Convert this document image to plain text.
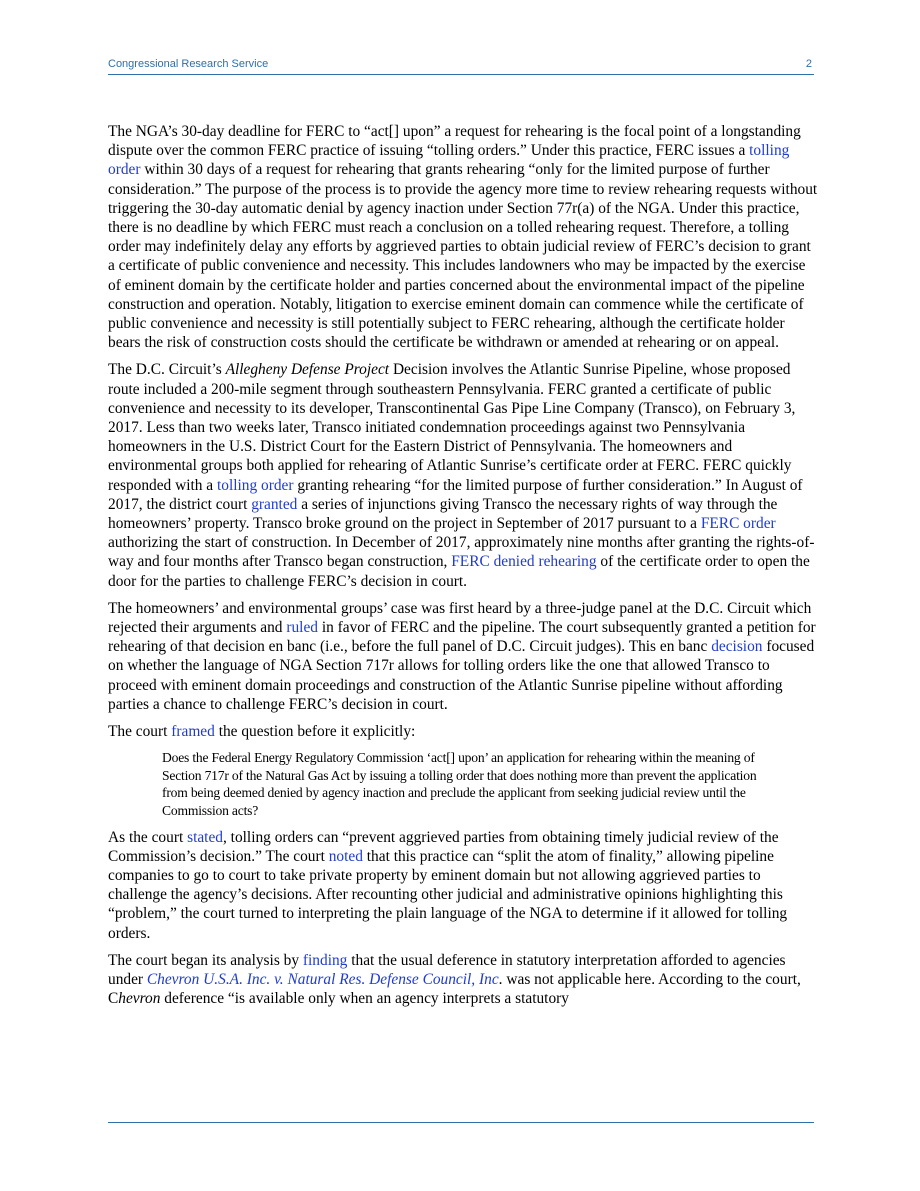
Congressional Research Service	2

The NGA’s 30-day deadline for FERC to “act[] upon” a request for rehearing is the focal point of a longstanding dispute over the common FERC practice of issuing “tolling orders.” Under this practice, FERC issues a tolling order within 30 days of a request for rehearing that grants rehearing “only for the limited purpose of further consideration.” The purpose of the process is to provide the agency more time to review rehearing requests without triggering the 30-day automatic denial by agency inaction under Section 77r(a) of the NGA. Under this practice, there is no deadline by which FERC must reach a conclusion on a tolled rehearing request. Therefore, a tolling order may indefinitely delay any efforts by aggrieved parties to obtain judicial review of FERC’s decision to grant a certificate of public convenience and necessity. This includes landowners who may be impacted by the exercise of eminent domain by the certificate holder and parties concerned about the environmental impact of the pipeline construction and operation. Notably, litigation to exercise eminent domain can commence while the certificate of public convenience and necessity is still potentially subject to FERC rehearing, although the certificate holder bears the risk of construction costs should the certificate be withdrawn or amended at rehearing or on appeal.

The D.C. Circuit’s Allegheny Defense Project Decision involves the Atlantic Sunrise Pipeline, whose proposed route included a 200-mile segment through southeastern Pennsylvania. FERC granted a certificate of public convenience and necessity to its developer, Transcontinental Gas Pipe Line Company (Transco), on February 3, 2017. Less than two weeks later, Transco initiated condemnation proceedings against two Pennsylvania homeowners in the U.S. District Court for the Eastern District of Pennsylvania. The homeowners and environmental groups both applied for rehearing of Atlantic Sunrise’s certificate order at FERC. FERC quickly responded with a tolling order granting rehearing “for the limited purpose of further consideration.” In August of 2017, the district court granted a series of injunctions giving Transco the necessary rights of way through the homeowners’ property. Transco broke ground on the project in September of 2017 pursuant to a FERC order authorizing the start of construction. In December of 2017, approximately nine months after granting the rights-of-way and four months after Transco began construction, FERC denied rehearing of the certificate order to open the door for the parties to challenge FERC’s decision in court.

The homeowners’ and environmental groups’ case was first heard by a three-judge panel at the D.C. Circuit which rejected their arguments and ruled in favor of FERC and the pipeline. The court subsequently granted a petition for rehearing of that decision en banc (i.e., before the full panel of D.C. Circuit judges). This en banc decision focused on whether the language of NGA Section 717r allows for tolling orders like the one that allowed Transco to proceed with eminent domain proceedings and construction of the Atlantic Sunrise pipeline without affording parties a chance to challenge FERC’s decision in court.

The court framed the question before it explicitly:

Does the Federal Energy Regulatory Commission ‘act[] upon’ an application for rehearing within the meaning of Section 717r of the Natural Gas Act by issuing a tolling order that does nothing more than prevent the application from being deemed denied by agency inaction and preclude the applicant from seeking judicial review until the Commission acts?

As the court stated, tolling orders can “prevent aggrieved parties from obtaining timely judicial review of the Commission’s decision.” The court noted that this practice can “split the atom of finality,” allowing pipeline companies to go to court to take private property by eminent domain but not allowing aggrieved parties to challenge the agency’s decisions. After recounting other judicial and administrative opinions highlighting this “problem,” the court turned to interpreting the plain language of the NGA to determine if it allowed for tolling orders.

The court began its analysis by finding that the usual deference in statutory interpretation afforded to agencies under Chevron U.S.A. Inc. v. Natural Res. Defense Council, Inc. was not applicable here. According to the court, Chevron deference “is available only when an agency interprets a statutory
